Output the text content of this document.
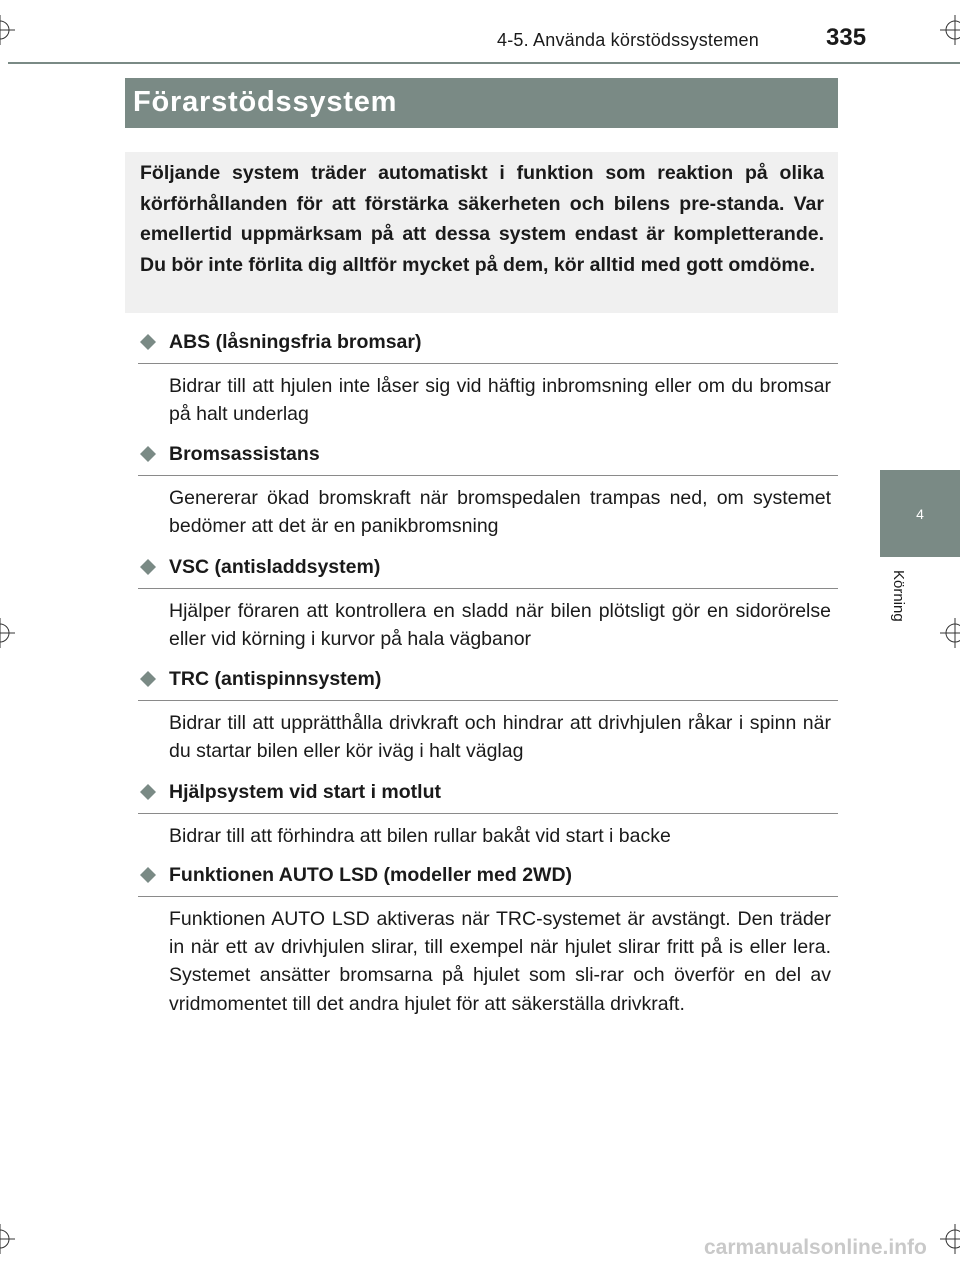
4-5. Använda körstödssystemen	335
4
Körning
Förarstödssystem
Följande system träder automatiskt i funktion som reaktion på olika körförhållanden för att förstärka säkerheten och bilens pre-standa. Var emellertid uppmärksam på att dessa system endast är kompletterande. Du bör inte förlita dig alltför mycket på dem, kör alltid med gott omdöme.
ABS (låsningsfria bromsar)
Bidrar till att hjulen inte låser sig vid häftig inbromsning eller om du bromsar på halt underlag
Bromsassistans
Genererar ökad bromskraft när bromspedalen trampas ned, om systemet bedömer att det är en panikbromsning
VSC (antisladdsystem)
Hjälper föraren att kontrollera en sladd när bilen plötsligt gör en sidorörelse eller vid körning i kurvor på hala vägbanor
TRC (antispinnsystem)
Bidrar till att upprätthålla drivkraft och hindrar att drivhjulen råkar i spinn när du startar bilen eller kör iväg i halt väglag
Hjälpsystem vid start i motlut
Bidrar till att förhindra att bilen rullar bakåt vid start i backe
Funktionen AUTO LSD (modeller med 2WD)
Funktionen AUTO LSD aktiveras när TRC-systemet är avstängt. Den träder in när ett av drivhjulen slirar, till exempel när hjulet slirar fritt på is eller lera. Systemet ansätter bromsarna på hjulet som sli-rar och överför en del av vridmomentet till det andra hjulet för att säkerställa drivkraft.
carmanualsonline.info
